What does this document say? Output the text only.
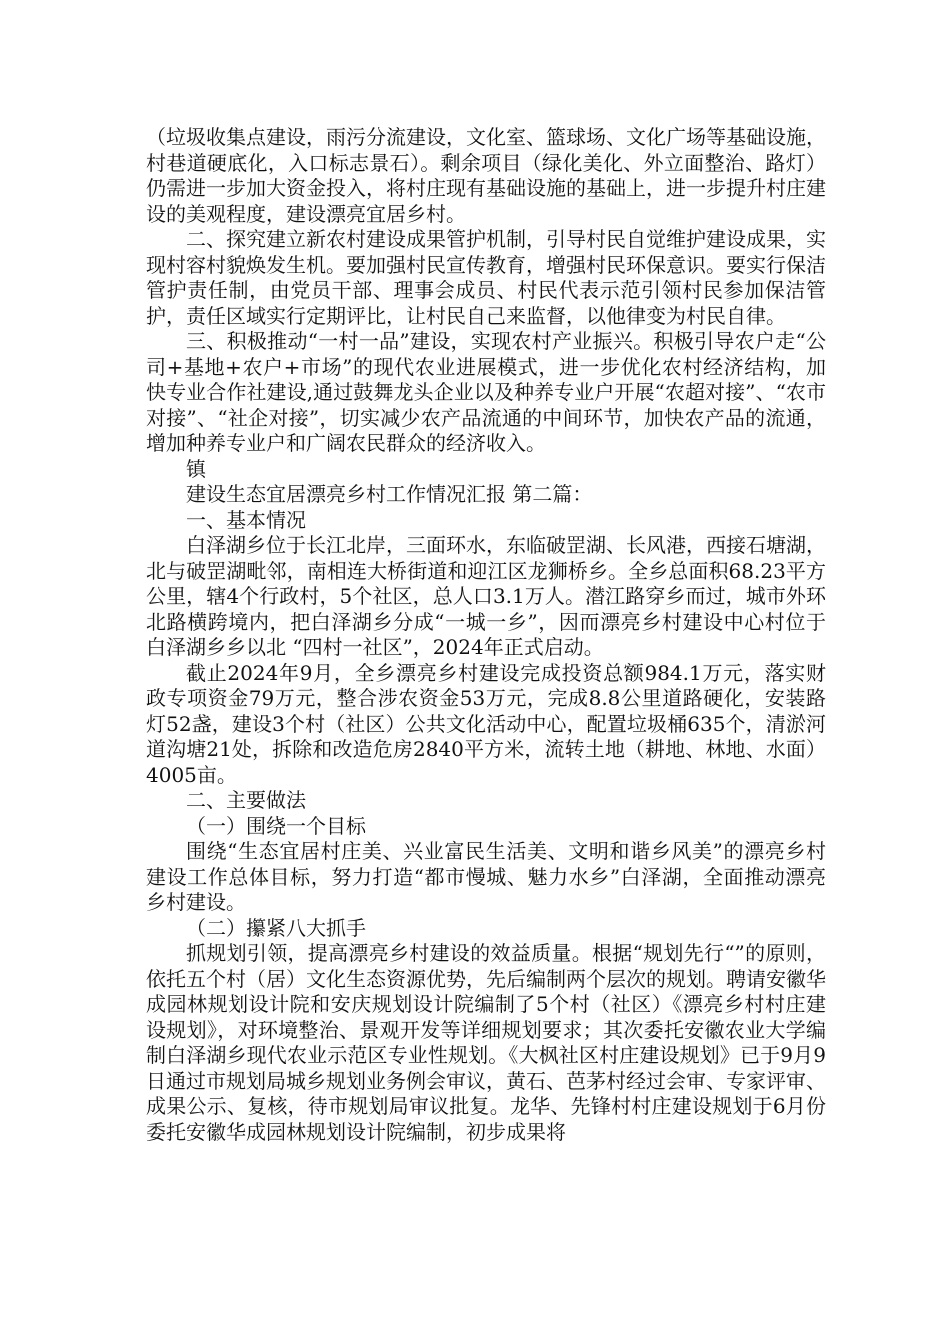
（垃圾收集点建设，雨污分流建设，文化室、篮球场、文化广场等基础设施，村巷道硬底化，入口标志景石）。剩余项目（绿化美化、外立面整治、路灯）仍需进一步加大资金投入，将村庄现有基础设施的基础上，进一步提升村庄建设的美观程度，建设漂亮宜居乡村。

二、探究建立新农村建设成果管护机制，引导村民自觉维护建设成果，实现村容村貌焕发生机。要加强村民宣传教育，增强村民环保意识。要实行保洁管护责任制，由党员干部、理事会成员、村民代表示范引领村民参加保洁管护，责任区域实行定期评比，让村民自己来监督，以他律变为村民自律。

三、积极推动“一村一品”建设，实现农村产业振兴。积极引导农户走“公司+基地+农户+市场”的现代农业进展模式，进一步优化农村经济结构，加快专业合作社建设,通过鼓舞龙头企业以及种养专业户开展“农超对接”、“农市对接”、“社企对接”，切实减少农产品流通的中间环节，加快农产品的流通，增加种养专业户和广阔农民群众的经济收入。

镇

建设生态宜居漂亮乡村工作情况汇报 第二篇：

一、基本情况

白泽湖乡位于长江北岸，三面环水，东临破罡湖、长风港，西接石塘湖，北与破罡湖毗邻，南相连大桥街道和迎江区龙狮桥乡。全乡总面积68.23平方公里，辖4个行政村，5个社区，总人口3.1万人。潜江路穿乡而过，城市外环北路横跨境内，把白泽湖乡分成“一城一乡”，因而漂亮乡村建设中心村位于白泽湖乡乡以北 “四村一社区”，2024年正式启动。

截止2024年9月，全乡漂亮乡村建设完成投资总额984.1万元，落实财政专项资金79万元，整合涉农资金53万元，完成8.8公里道路硬化，安装路灯52盏，建设3个村（社区）公共文化活动中心，配置垃圾桶635个，清淤河道沟塘21处，拆除和改造危房2840平方米，流转土地（耕地、林地、水面）4005亩。

二、主要做法

（一）围绕一个目标

围绕“生态宜居村庄美、兴业富民生活美、文明和谐乡风美”的漂亮乡村建设工作总体目标，努力打造“都市慢城、魅力水乡”白泽湖，全面推动漂亮乡村建设。

（二）攥紧八大抓手

抓规划引领，提高漂亮乡村建设的效益质量。根据“规划先行“”的原则，依托五个村（居）文化生态资源优势，先后编制两个层次的规划。聘请安徽华成园林规划设计院和安庆规划设计院编制了5个村（社区）《漂亮乡村村庄建设规划》，对环境整治、景观开发等详细规划要求；其次委托安徽农业大学编制白泽湖乡现代农业示范区专业性规划。《大枫社区村庄建设规划》已于9月9日通过市规划局城乡规划业务例会审议，黄石、芭茅村经过会审、专家评审、成果公示、复核，待市规划局审议批复。龙华、先锋村村庄建设规划于6月份委托安徽华成园林规划设计院编制，初步成果将
